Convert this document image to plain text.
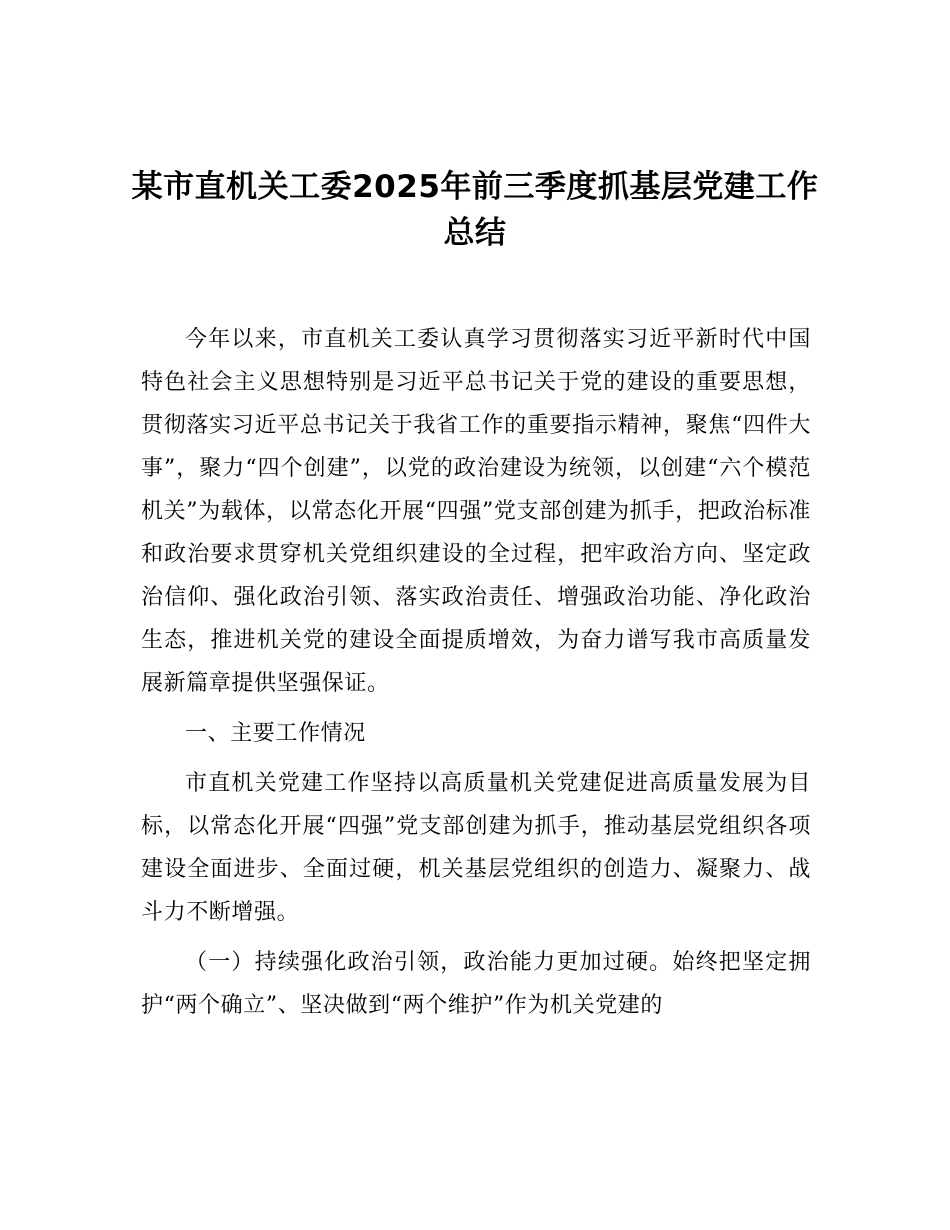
某市直机关工委2025年前三季度抓基层党建工作总结

今年以来，市直机关工委认真学习贯彻落实习近平新时代中国特色社会主义思想特别是习近平总书记关于党的建设的重要思想，贯彻落实习近平总书记关于我省工作的重要指示精神，聚焦“四件大事”，聚力“四个创建”，以党的政治建设为统领，以创建“六个模范机关”为载体，以常态化开展“四强”党支部创建为抓手，把政治标准和政治要求贯穿机关党组织建设的全过程，把牢政治方向、坚定政治信仰、强化政治引领、落实政治责任、增强政治功能、净化政治生态，推进机关党的建设全面提质增效，为奋力谱写我市高质量发展新篇章提供坚强保证。

一、主要工作情况

市直机关党建工作坚持以高质量机关党建促进高质量发展为目标，以常态化开展“四强”党支部创建为抓手，推动基层党组织各项建设全面进步、全面过硬，机关基层党组织的创造力、凝聚力、战斗力不断增强。

（一）持续强化政治引领，政治能力更加过硬。始终把坚定拥护“两个确立”、坚决做到“两个维护”作为机关党建的
